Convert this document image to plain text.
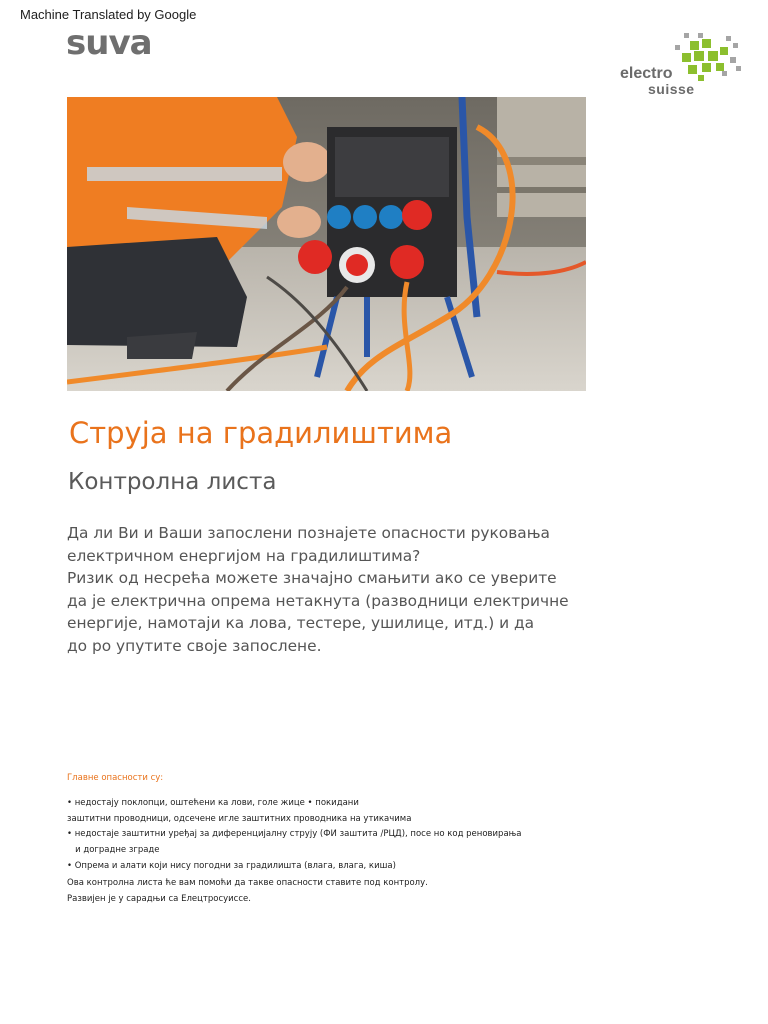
Machine Translated by Google
suva
electro
suisse
Струја на градилиштима
Контролна листа

Да ли Ви и Ваши запослени познајете опасности руковања

електричном енергијом на градилиштима?

Ризик од несрећа можете значајно смањити ако се уверите

да је електрична опрема нетакнута (разводници електричне

енергије, намотаји ка лова, тестере, ушилице, итд.) и да

до ро упутите своје запослене.

Главне опасности су:

• недостају поклопци, оштећени ка лови, голе жице • покидани

заштитни проводници, одсечене игле заштитних проводника на утикачима

• недостаје заштитни уређај за диференцијалну струју (ФИ заштита /РЦД), посе но код реновирања

и доградне зграде

• Опрема и алати који нису погодни за градилишта (влага, влага, киша)

Ова контролна листа ће вам помоћи да такве опасности ставите под контролу.

Развијен је у сарадњи са Елецтросуиссе.
